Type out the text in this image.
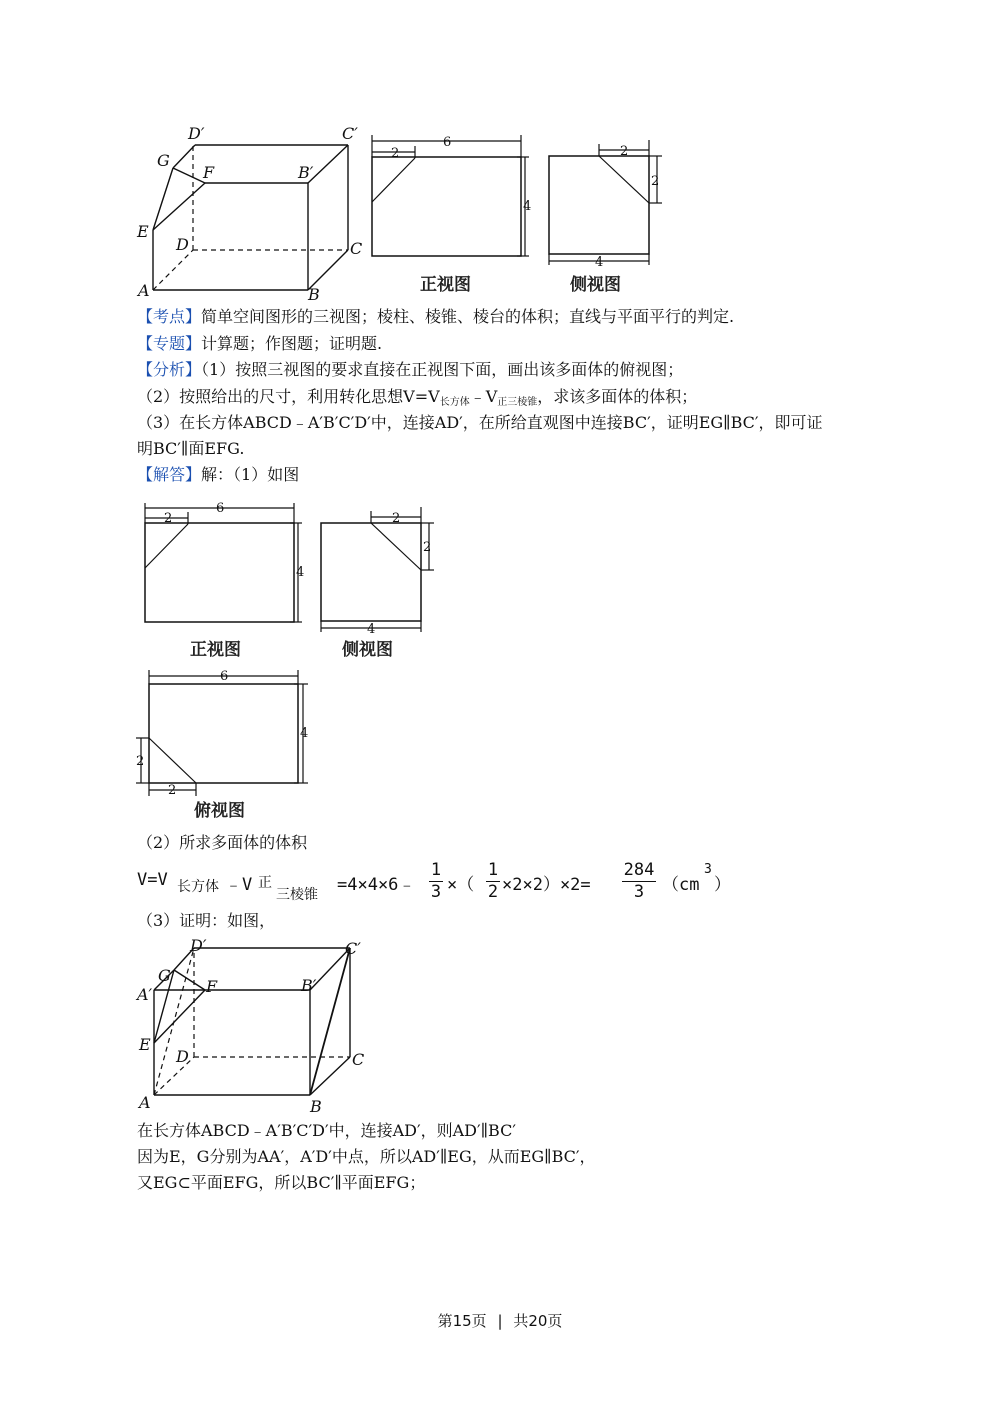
D′	C′
G
F	B′
E
D	C
A	B
6
2
4
正视图
2
2
4
侧视图
【考点】简单空间图形的三视图；棱柱、棱锥、棱台的体积；直线与平面平行的判定.
【专题】计算题；作图题；证明题.
【分析】（1）按照三视图的要求直接在正视图下面，画出该多面体的俯视图；
（2）按照给出的尺寸，利用转化思想$V=V_{长方体}﹣V_{正三棱锥}$，求该多面体的体积；
（3）在长方体ABCD﹣A′B′C′D′中，连接AD′，在所给直观图中连接BC′，证明EG∥BC′，即可证
明BC′∥面EFG.
【解答】解：（1）如图
6
2
4
正视图
2
2
4
侧视图
6
4
2
2
俯视图
（2）所求多面体的体积
V=V 长方体 ﹣V 正
三棱锥 =4×4×6﹣
1
3 ×（
1
2 ×2×2）×2=
284
3	（cm
3
）
（3）证明：如图，
D′	C′
G
A′	F	B′
E
D	C
A	B
在长方体ABCD﹣A′B′C′D′中，连接AD′，则AD′∥BC′
因为E，G分别为AA′，A′D′中点，所以AD′∥EG，从而EG∥BC′，
又EG⊂平面EFG，所以BC′∥平面EFG；
第15页 | 共20页
